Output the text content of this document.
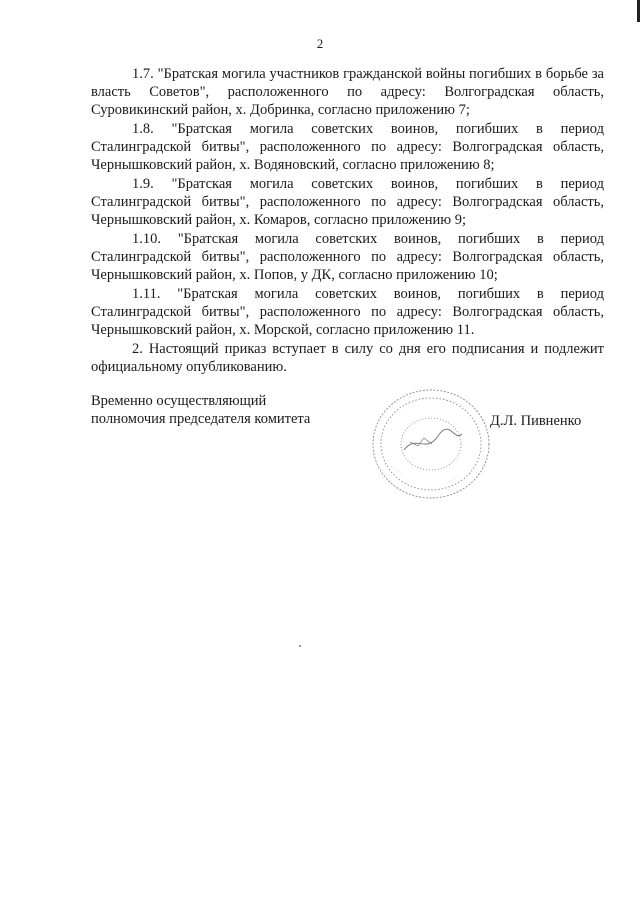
2

1.7. "Братская могила участников гражданской войны погибших в борьбе за власть Советов", расположенного по адресу: Волгоградская область, Суровикинский район, х. Добринка, согласно приложению 7;

1.8. "Братская могила советских воинов, погибших в период Сталинградской битвы", расположенного по адресу: Волгоградская область, Чернышковский район, х. Водяновский, согласно приложению 8;

1.9. "Братская могила советских воинов, погибших в период Сталинградской битвы", расположенного по адресу: Волгоградская область, Чернышковский район, х. Комаров, согласно приложению 9;

1.10. "Братская могила советских воинов, погибших в период Сталинградской битвы", расположенного по адресу: Волгоградская область, Чернышковский район, х. Попов, у ДК, согласно приложению 10;

1.11. "Братская могила советских воинов, погибших в период Сталинградской битвы", расположенного по адресу: Волгоградская область, Чернышковский район, х. Морской, согласно приложению 11.

2. Настоящий приказ вступает в силу со дня его подписания и подлежит официальному опубликованию.

Временно осуществляющий
полномочия председателя комитета
· · · · · · ·	· · · · · · ·
· · · · · ·
· · · · · ·
Д.Л. Пивненко
